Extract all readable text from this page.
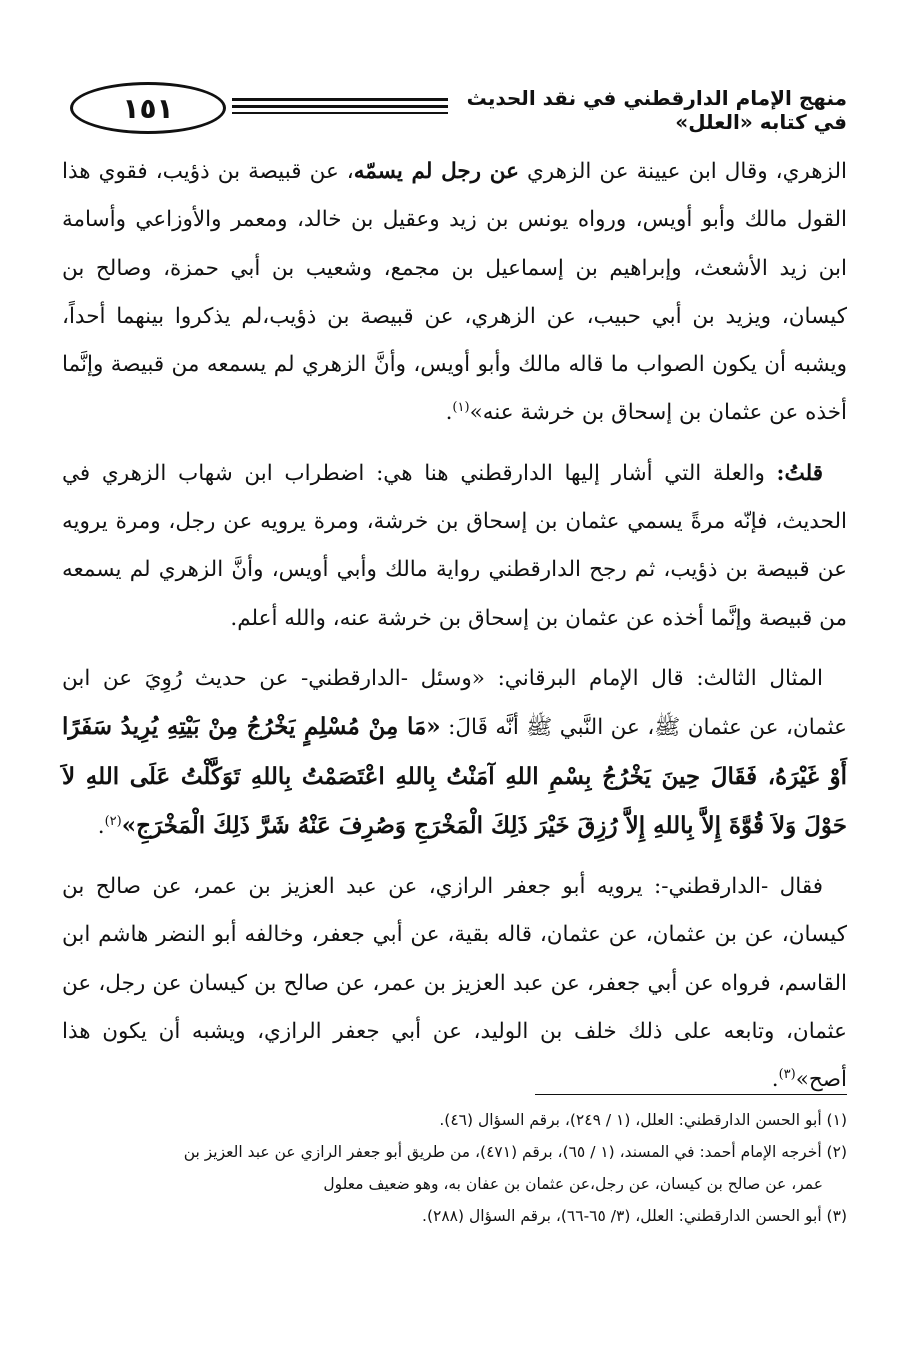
١٥١	منهج الإمام الدارقطني في نقد الحديث في كتابه «العلل»

الزهري، وقال ابن عيينة عن الزهري عن رجل لم يسمّه، عن قبيصة بن ذؤيب، فقوي هذا القول مالك وأبو أويس، ورواه يونس بن زيد وعقيل بن خالد، ومعمر والأوزاعي وأسامة ابن زيد الأشعث، وإبراهيم بن إسماعيل بن مجمع، وشعيب بن أبي حمزة، وصالح بن كيسان، ويزيد بن أبي حبيب، عن الزهري، عن قبيصة بن ذؤيب،لم يذكروا بينهما أحداً، ويشبه أن يكون الصواب ما قاله مالك وأبو أويس، وأنَّ الزهري لم يسمعه من قبيصة وإنَّما أخذه عن عثمان بن إسحاق بن خرشة عنه»$^{(١)}$.

قلتُ: والعلة التي أشار إليها الدارقطني هنا هي: اضطراب ابن شهاب الزهري في الحديث، فإنّه مرةً يسمي عثمان بن إسحاق بن خرشة، ومرة يرويه عن رجل، ومرة يرويه عن قبيصة بن ذؤيب، ثم رجح الدارقطني رواية مالك وأبي أويس، وأنَّ الزهري لم يسمعه من قبيصة وإنَّما أخذه عن عثمان بن إسحاق بن خرشة عنه، والله أعلم.

المثال الثالث: قال الإمام البرقاني: «وسئل -الدارقطني- عن حديث رُوِيَ عن ابن عثمان، عن عثمان ﷺ، عن النَّبي ﷺ أنَّه قَالَ: «مَا مِنْ مُسْلِمٍ يَخْرُجُ مِنْ بَيْتِهِ يُرِيدُ سَفَرًا أَوْ غَيْرَهُ، فَقَالَ حِينَ يَخْرُجُ بِسْمِ اللهِ آمَنْتُ بِاللهِ اعْتَصَمْتُ بِاللهِ تَوَكَّلْتُ عَلَى اللهِ لاَ حَوْلَ وَلاَ قُوَّةَ إِلاَّ بِاللهِ إِلاَّ رُزِقَ خَيْرَ ذَلِكَ الْمَخْرَجِ وَصُرِفَ عَنْهُ شَرَّ ذَلِكَ الْمَخْرَجِ»$^{(٢)}$.

فقال -الدارقطني-: يرويه أبو جعفر الرازي، عن عبد العزيز بن عمر، عن صالح بن كيسان، عن بن عثمان، عن عثمان، قاله بقية، عن أبي جعفر، وخالفه أبو النضر هاشم ابن القاسم، فرواه عن أبي جعفر، عن عبد العزيز بن عمر، عن صالح بن كيسان عن رجل، عن عثمان، وتابعه على ذلك خلف بن الوليد، عن أبي جعفر الرازي، ويشبه أن يكون هذا أصح»$^{(٣)}$.

(١) أبو الحسن الدارقطني: العلل، (١ / ٢٤٩)، برقم السؤال (٤٦).

(٢) أخرجه الإمام أحمد: في المسند، (١ / ٦٥)، برقم (٤٧١)، من طريق أبو جعفر الرازي عن عبد العزيز بن

عمر، عن صالح بن كيسان، عن رجل،عن عثمان بن عفان به، وهو ضعيف معلول

(٣) أبو الحسن الدارقطني: العلل، (٣/ ٦٥-٦٦)، برقم السؤال (٢٨٨).
